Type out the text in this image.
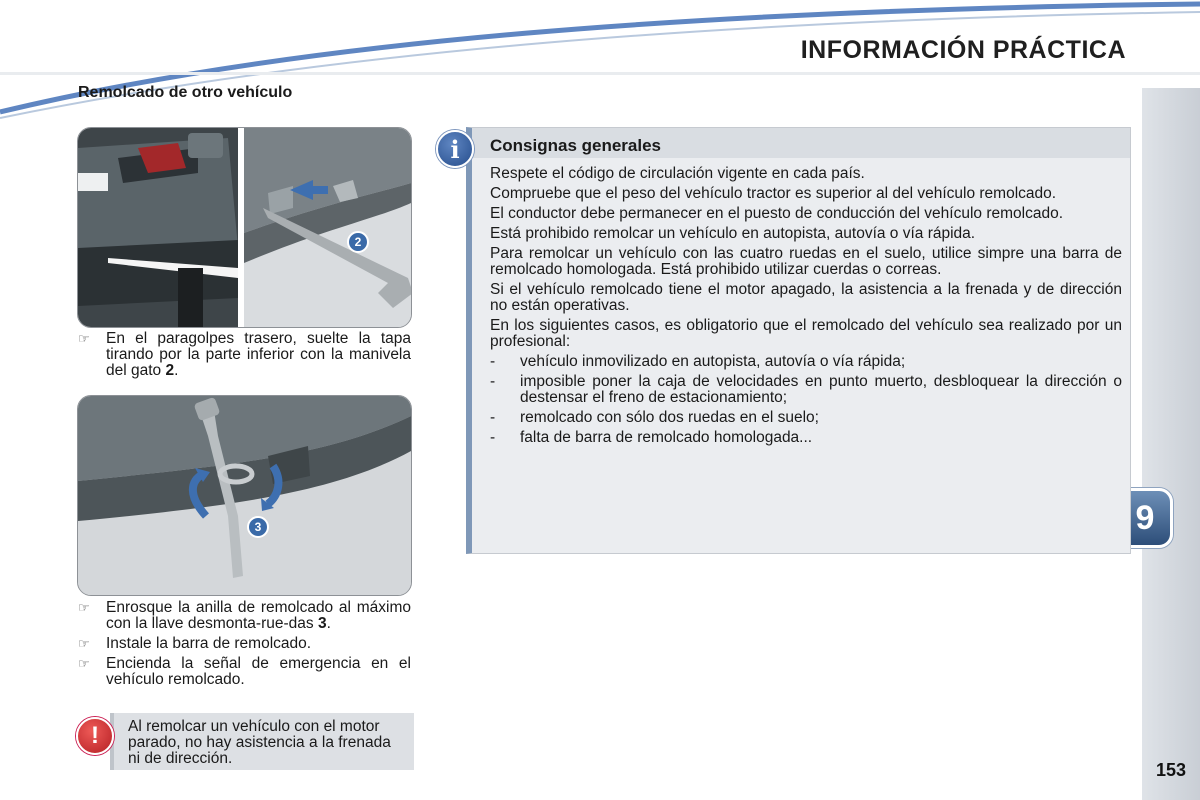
INFORMACIÓN PRÁCTICA
9
153
Remolcado de otro vehículo
2
☞	En el paragolpes trasero, suelte la tapa tirando por la parte inferior con la manivela del gato 2.
3
☞	Enrosque la anilla de remolcado al máximo con la llave desmonta-rue-das 3.
☞	Instale la barra de remolcado.
☞	Encienda la señal de emergencia en el vehículo remolcado.
Al remolcar un vehículo con el motor parado, no hay asistencia a la frenada ni de dirección.
!
Consignas generales

Respete el código de circulación vigente en cada país.

Compruebe que el peso del vehículo tractor es superior al del vehículo remolcado.

El conductor debe permanecer en el puesto de conducción del vehículo remolcado.

Está prohibido remolcar un vehículo en autopista, autovía o vía rápida.

Para remolcar un vehículo con las cuatro ruedas en el suelo, utilice simpre una barra de remolcado homologada. Está prohibido utilizar cuerdas o correas.

Si el vehículo remolcado tiene el motor apagado, la asistencia a la frenada y de dirección no están operativas.

En los siguientes casos, es obligatorio que el remolcado del vehículo sea realizado por un profesional:

-	vehículo inmovilizado en autopista, autovía o vía rápida;
-	imposible poner la caja de velocidades en punto muerto, desbloquear la dirección o destensar el freno de estacionamiento;
-	remolcado con sólo dos ruedas en el suelo;
-	falta de barra de remolcado homologada...
i
